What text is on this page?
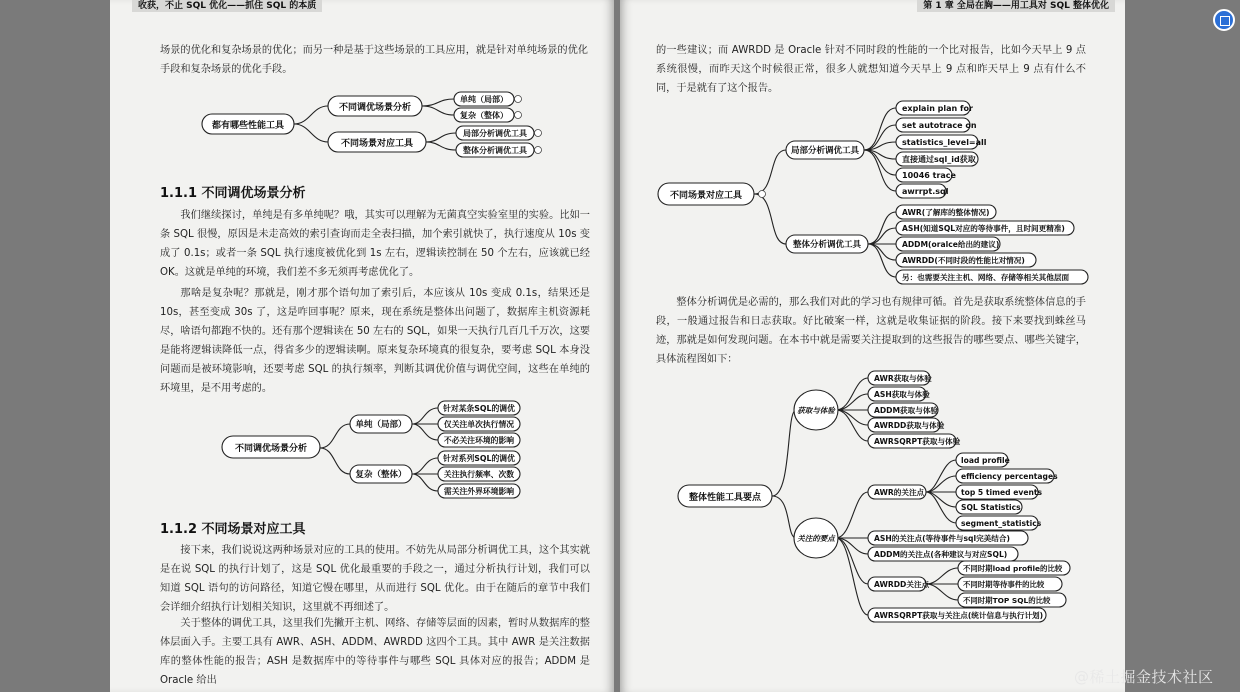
收获，不止 SQL 优化——抓住 SQL 的本质

场景的优化和复杂场景的优化；而另一种是基于这些场景的工具应用，就是针对单纯场景的优化手段和复杂场景的优化手段。

都有哪些性能工具
不同调优场景分析
不同场景对应工具
单纯（局部）
复杂（整体）
局部分析调优工具
整体分析调优工具
1.1.1 不同调优场景分析

我们继续探讨，单纯是有多单纯呢？哦，其实可以理解为无菌真空实验室里的实验。比如一条 SQL 很慢，原因是未走高效的索引查询而走全表扫描，加个索引就快了，执行速度从 10s 变成了 0.1s；或者一条 SQL 执行速度被优化到 1s 左右，逻辑读控制在 50 个左右，应该就已经OK。这就是单纯的环境，我们差不多无须再考虑优化了。

那啥是复杂呢？那就是，刚才那个语句加了索引后，本应该从 10s 变成 0.1s，结果还是 10s，甚至变成 30s 了，这是咋回事呢？原来，现在系统是整体出问题了，数据库主机资源耗尽，啥语句都跑不快的。还有那个逻辑读在 50 左右的 SQL，如果一天执行几百几千万次，这要是能将逻辑读降低一点，得省多少的逻辑读啊。原来复杂环境真的很复杂，要考虑 SQL 本身没问题而是被环境影响，还要考虑 SQL 的执行频率，判断其调优价值与调优空间，这些在单纯的环境里，是不用考虑的。

不同调优场景分析
单纯（局部）
复杂（整体）
针对某条SQL的调优
仅关注单次执行情况
不必关注环境的影响
针对系列SQL的调优
关注执行频率、次数
需关注外界环境影响
1.1.2 不同场景对应工具

接下来，我们说说这两种场景对应的工具的使用。不妨先从局部分析调优工具，这个其实就是在说 SQL 的执行计划了，这是 SQL 优化最重要的手段之一，通过分析执行计划，我们可以知道 SQL 语句的访问路径，知道它慢在哪里，从而进行 SQL 优化。由于在随后的章节中我们会详细介绍执行计划相关知识，这里就不再细述了。

关于整体的调优工具，这里我们先撇开主机、网络、存储等层面的因素，暂时从数据库的整体层面入手。主要工具有 AWR、ASH、ADDM、AWRDD 这四个工具。其中 AWR 是关注数据库的整体性能的报告；ASH 是数据库中的等待事件与哪些 SQL 具体对应的报告；ADDM 是 Oracle 给出

第 1 章 全局在胸——用工具对 SQL 整体优化

的一些建议；而 AWRDD 是 Oracle 针对不同时段的性能的一个比对报告，比如今天早上 9 点系统很慢，而昨天这个时候很正常，很多人就想知道今天早上 9 点和昨天早上 9 点有什么不同，于是就有了这个报告。

不同场景对应工具
局部分析调优工具
整体分析调优工具
explain plan for
set autotrace on
statistics_level=all
直接通过sql_id获取
10046 trace
awrrpt.sql
AWR(了解库的整体情况)
ASH(知道SQL对应的等待事件，且时间更精准)
ADDM(oralce给出的建议)
AWRDD(不同时段的性能比对情况)
另：也需要关注主机、网络、存储等相关其他层面

整体分析调优是必需的，那么我们对此的学习也有规律可循。首先是获取系统整体信息的手段，一般通过报告和日志获取。好比破案一样，这就是收集证据的阶段。接下来要找到蛛丝马迹，那就是如何发现问题。在本书中就是需要关注提取到的这些报告的哪些要点、哪些关键字，具体流程图如下：

整体性能工具要点
获取与体验
关注的要点
AWR获取与体验
ASH获取与体验
ADDM获取与体验
AWRDD获取与体验
AWRSQRPT获取与体验
AWR的关注点
load profile
efficiency percentages
top 5 timed events
SQL Statistics
segment_statistics
ASH的关注点(等待事件与sql完美结合)
ADDM的关注点(各种建议与对应SQL)
AWRDD关注点
不同时期load profile的比较
不同时期等待事件的比较
不同时期TOP SQL的比较
AWRSQRPT获取与关注点(统计信息与执行计划)
@稀土掘金技术社区
